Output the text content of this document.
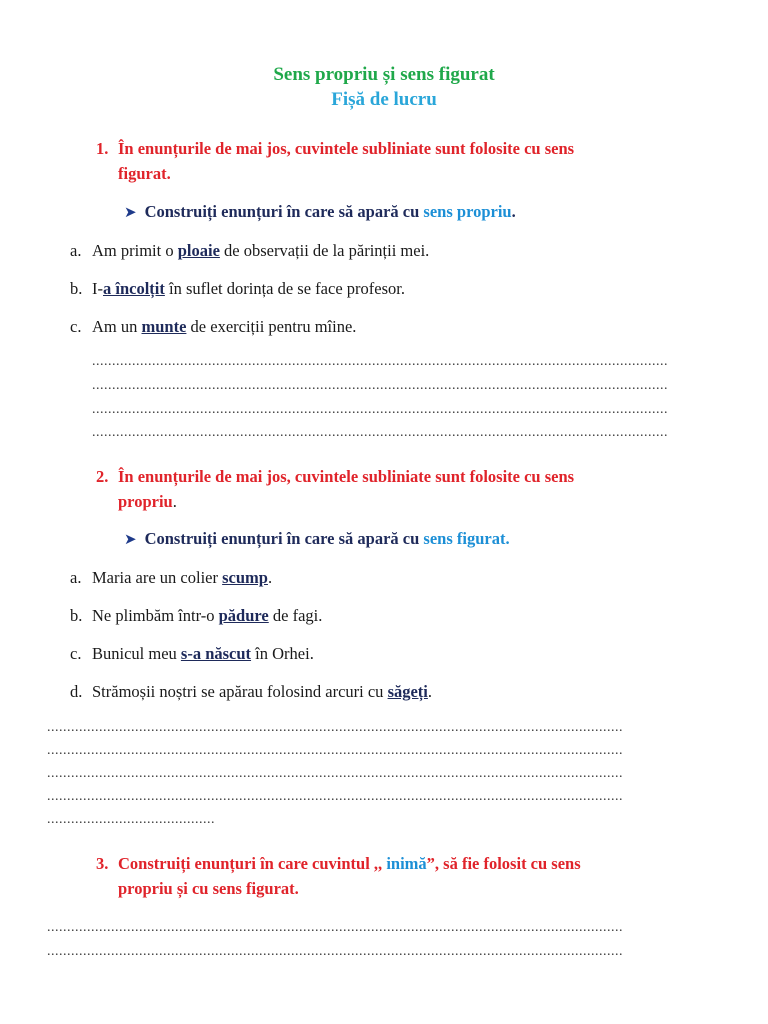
Sens propriu și sens figurat
Fișă de lucru
1. În enunțurile de mai jos, cuvintele subliniate sunt folosite cu sens
figurat.
➤ Construiți enunțuri în care să apară cu sens propriu.
a. Am primit o ploaie de observații de la părinții mei.
b. I-a încolțit în suflet dorința de se face profesor.
c. Am un munte de exerciții pentru mîine.
................................................................................................................................................
................................................................................................................................................
................................................................................................................................................
................................................................................................................................................
2. În enunțurile de mai jos, cuvintele subliniate sunt folosite cu sens
propriu.
➤ Construiți enunțuri în care să apară cu sens figurat.
a. Maria are un colier scump.
b. Ne plimbăm într-o pădure de fagi.
c. Bunicul meu s-a născut în Orhei.
d. Strămoșii noștri se apărau folosind arcuri cu săgeți.
................................................................................................................................................
................................................................................................................................................
................................................................................................................................................
................................................................................................................................................
..........................................
3. Construiți enunțuri în care cuvintul ,, inimă”, să fie folosit cu sens
propriu și cu sens figurat.
................................................................................................................................................
................................................................................................................................................
